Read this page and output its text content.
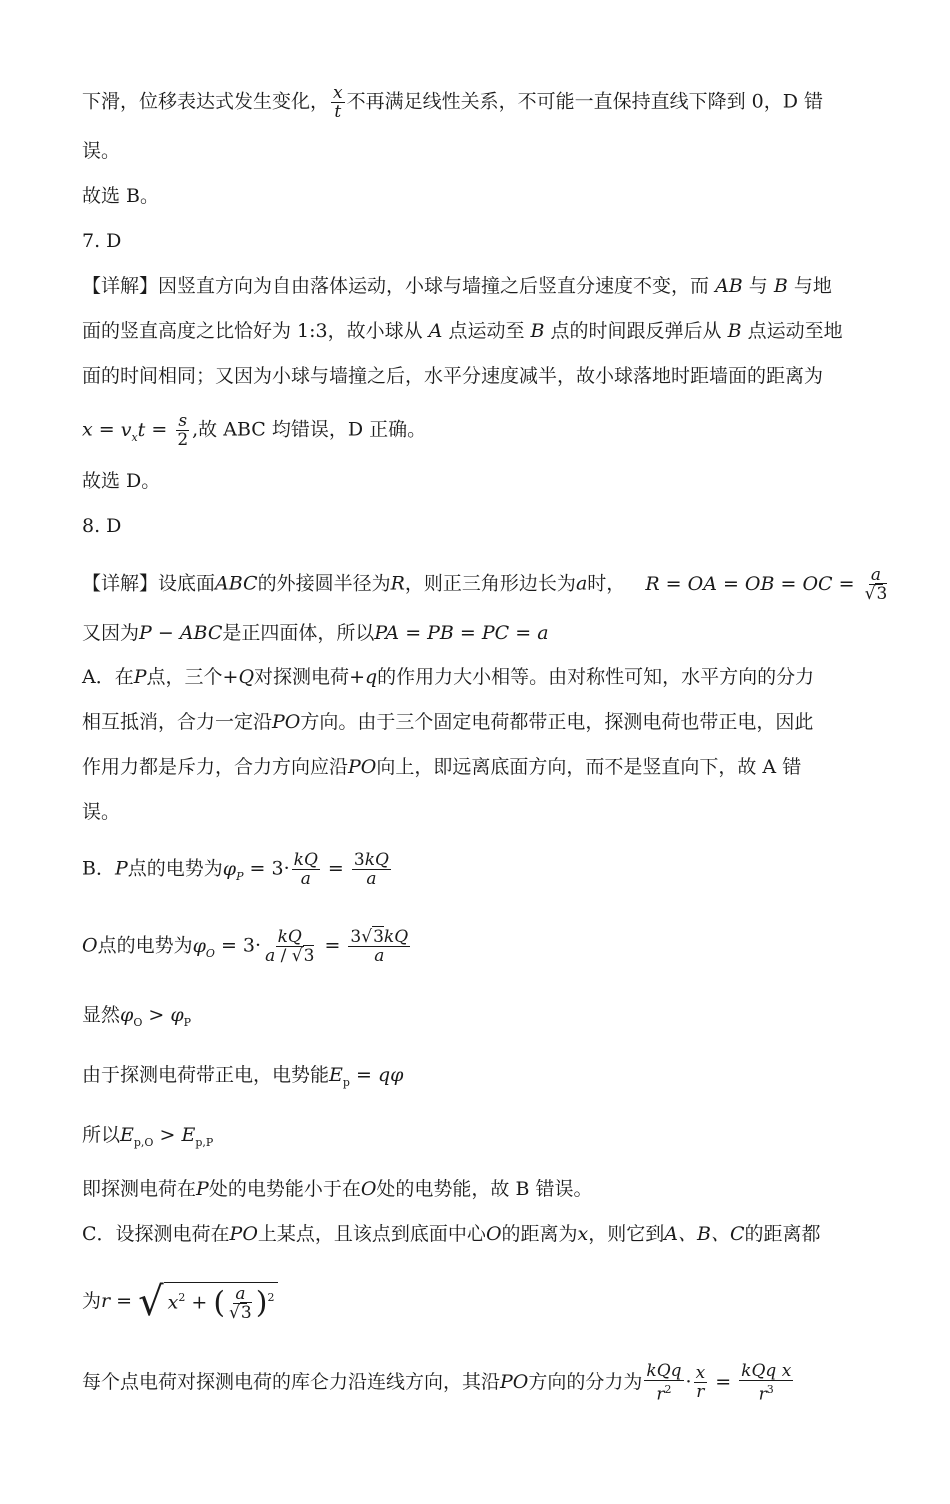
下滑，位移表达式发生变化， $\frac{x}{t}$ 不再满足线性关系，不可能一直保持直线下降到 0，D 错
误。
故选 B。
7. D
【详解】因竖直方向为自由落体运动，小球与墙撞之后竖直分速度不变，而 AB 与 B 与地
面的竖直高度之比恰好为 1:3，故小球从 A 点运动至 B 点的时间跟反弹后从 B 点运动至地
面的时间相同；又因为小球与墙撞之后，水平分速度减半，故小球落地时距墙面的距离为
$x = v_xt = \frac{s}{2}$ ,故 ABC 均错误，D 正确。
故选 D。
8. D
【详解】设底面ABC的外接圆半径为R，则正三角形边长为a时， R = OA = OB = OC = $\frac{a}{√3}$
又因为P − ABC是正四面体，所以PA = PB = PC = a
A．在P点，三个+Q对探测电荷+q的作用力大小相等。由对称性可知，水平方向的分力
相互抵消，合力一定沿PO方向。由于三个固定电荷都带正电，探测电荷也带正电，因此
作用力都是斥力，合力方向应沿PO向上，即远离底面方向，而不是竖直向下，故 A 错
误。
B．P点的电势为$\varphi_P = 3\cdot \frac{kQ}{a} = \frac{3kQ}{a}$
O点的电势为$\varphi_O = 3\cdot \frac{kQ}{a / √3} = \frac{3√3kQ}{a}$
显然$\varphi_O > \varphi_P$
由于探测电荷带正电，电势能$E_p = q\varphi$
所以$E_{p,O} > E_{p,P}$
即探测电荷在P处的电势能小于在O处的电势能，故 B 错误。
C．设探测电荷在PO上某点，且该点到底面中心O的距离为x，则它到A、B、C的距离都
为r = √ $x^2$ + ( $\frac{a}{√3} )^2$
每个点电荷对探测电荷的库仑力沿连线方向，其沿PO方向的分力为 $\frac{\text{kQq}}{r^2} \cdot \frac{x}{r} = \frac{\text{kQq x}}{r^3}$
